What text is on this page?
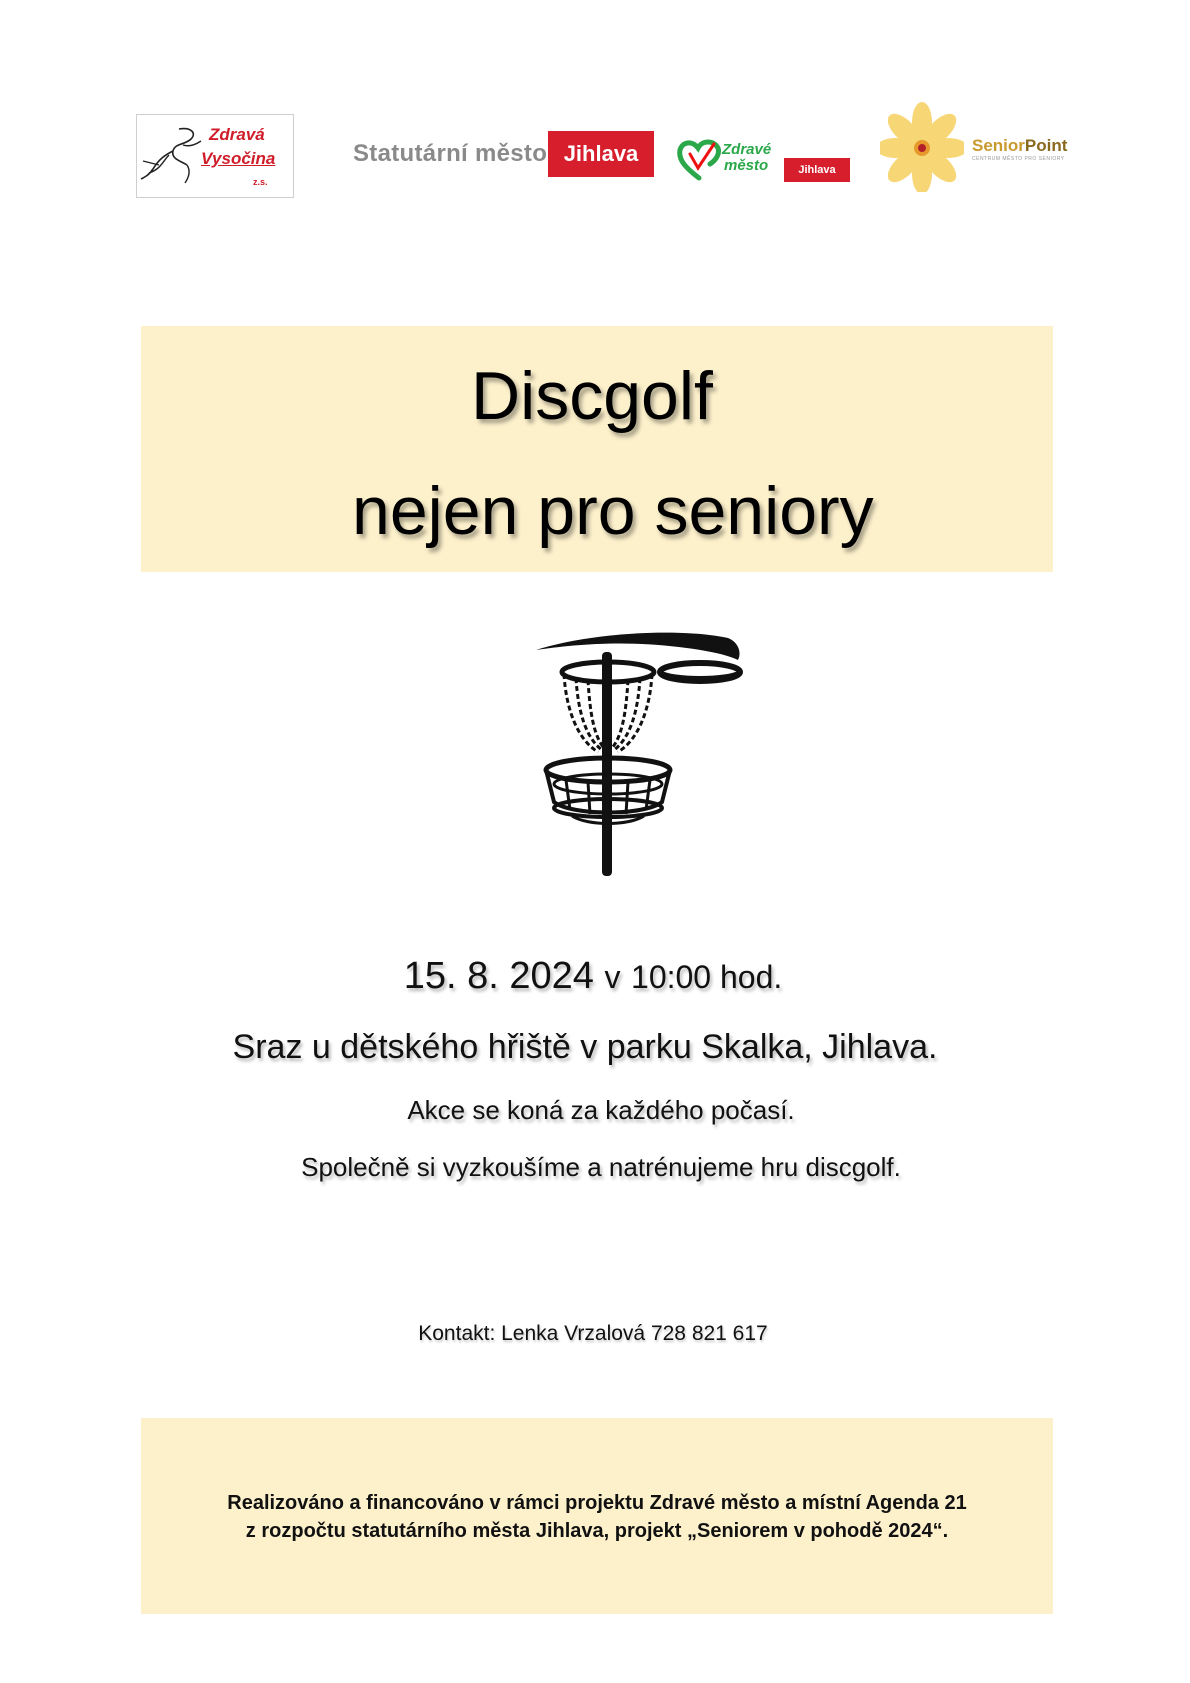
Zdravá
Vysočina
z.s.
Statutární město Jihlava	Zdravé
město	Jihlava
SeniorPoint
CENTRUM MĚSTO PRO SENIORY
Discgolf
nejen pro seniory
15. 8. 2024 v 10:00 hod.
Sraz u dětského hřiště v parku Skalka, Jihlava.
Akce se koná za každého počasí.
Společně si vyzkoušíme a natrénujeme hru discgolf.
Kontakt: Lenka Vrzalová 728 821 617
Realizováno a financováno v rámci projektu Zdravé město a místní Agenda 21
z rozpočtu statutárního města Jihlava, projekt „Seniorem v pohodě 2024“.
